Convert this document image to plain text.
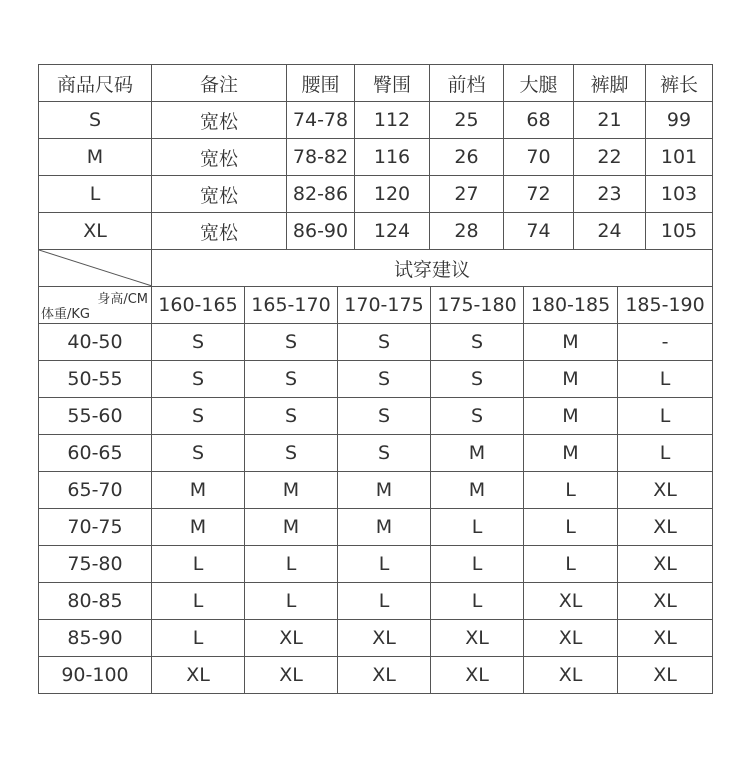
商品尺码	备注	腰围	臀围	前档	大腿	裤脚	裤长
S	宽松	74-78	112	25	68	21	99
M	宽松	78-82	116	26	70	22	101
L	宽松	82-86	120	27	72	23	103
XL	宽松	86-90	124	28	74	24	105
	试穿建议					

身高/CM
体重/KG	160-165	165-170	170-175	175-180	180-185	185-190
40-50	S	S	S	S	M	-
50-55	S	S	S	S	M	L
55-60	S	S	S	S	M	L
60-65	S	S	S	M	M	L
65-70	M	M	M	M	L	XL
70-75	M	M	M	L	L	XL
75-80	L	L	L	L	L	XL
80-85	L	L	L	L	XL	XL
85-90	L	XL	XL	XL	XL	XL
90-100	XL	XL	XL	XL	XL	XL
